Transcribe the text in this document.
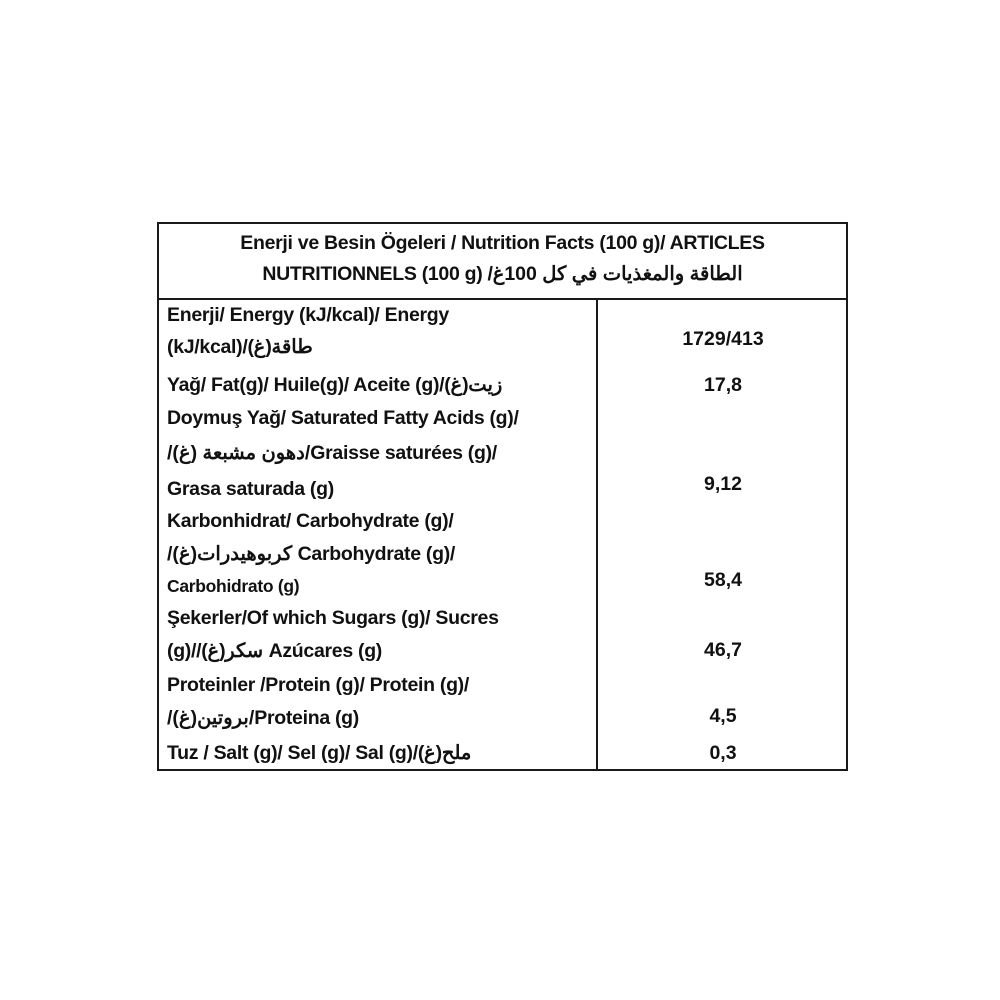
Enerji ve Besin Ögeleri / Nutrition Facts (100 g)/ ARTICLES
NUTRITIONNELS (100 g) /الطاقة والمغذيات في كل 100غ
Enerji/ Energy (kJ/kcal)/ Energy
(kJ/kcal)/(غ)طاقة	1729/413
Yağ/ Fat(g)/ Huile(g)/ Aceite (g)/(غ)زيت	17,8
Doymuş Yağ/ Saturated Fatty Acids (g)/
/(غ) دهون مشبعة/Graisse saturées (g)/
Grasa saturada (g)	9,12
Karbonhidrat/ Carbohydrate (g)/
/(غ)كربوهيدرات Carbohydrate (g)/
Carbohidrato (g)	58,4
Şekerler/Of which Sugars (g)/ Sucres
(g)//(غ)سكر Azúcares (g)	46,7
Proteinler /Protein (g)/ Protein (g)/
/(غ)بروتين/Proteina (g)	4,5
Tuz / Salt (g)/ Sel (g)/ Sal (g)/(غ)ملح	0,3
